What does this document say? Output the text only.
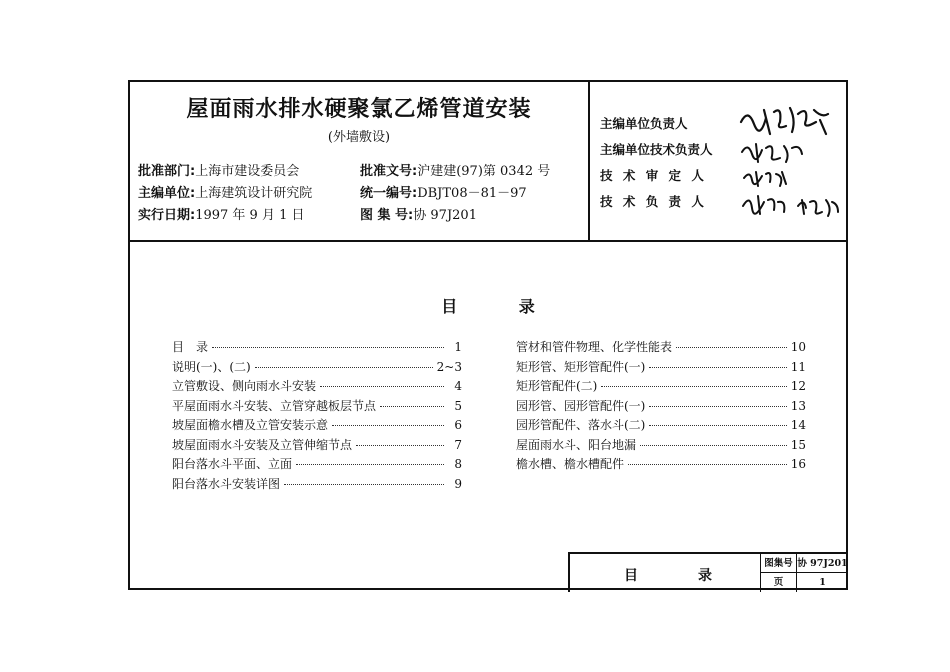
屋面雨水排水硬聚氯乙烯管道安装
(外墙敷设)
批准部门:上海市建设委员会
主编单位:上海建筑设计研究院
实行日期:1997 年 9 月 1 日
批准文号:沪建建(97)第 0342 号
统一编号:DBJT08－81－97
图 集 号:协 97J201
主编单位负责人
主编单位技术负责人
技 术 审 定 人
技 术 负 责 人
目 录
目　录	1
说明(一)、(二)	2~3
立管敷设、侧向雨水斗安装	4
平屋面雨水斗安装、立管穿越板层节点	5
坡屋面檐水槽及立管安装示意	6
坡屋面雨水斗安装及立管伸缩节点	7
阳台落水斗平面、立面	8
阳台落水斗安装详图	9
管材和管件物理、化学性能表	10
矩形管、矩形管配件(一)	11
矩形管配件(二)	12
园形管、园形管配件(一)	13
园形管配件、落水斗(二)	14
屋面雨水斗、阳台地漏	15
檐水槽、檐水槽配件	16
目	录
图集号 协 97J201
页	1
